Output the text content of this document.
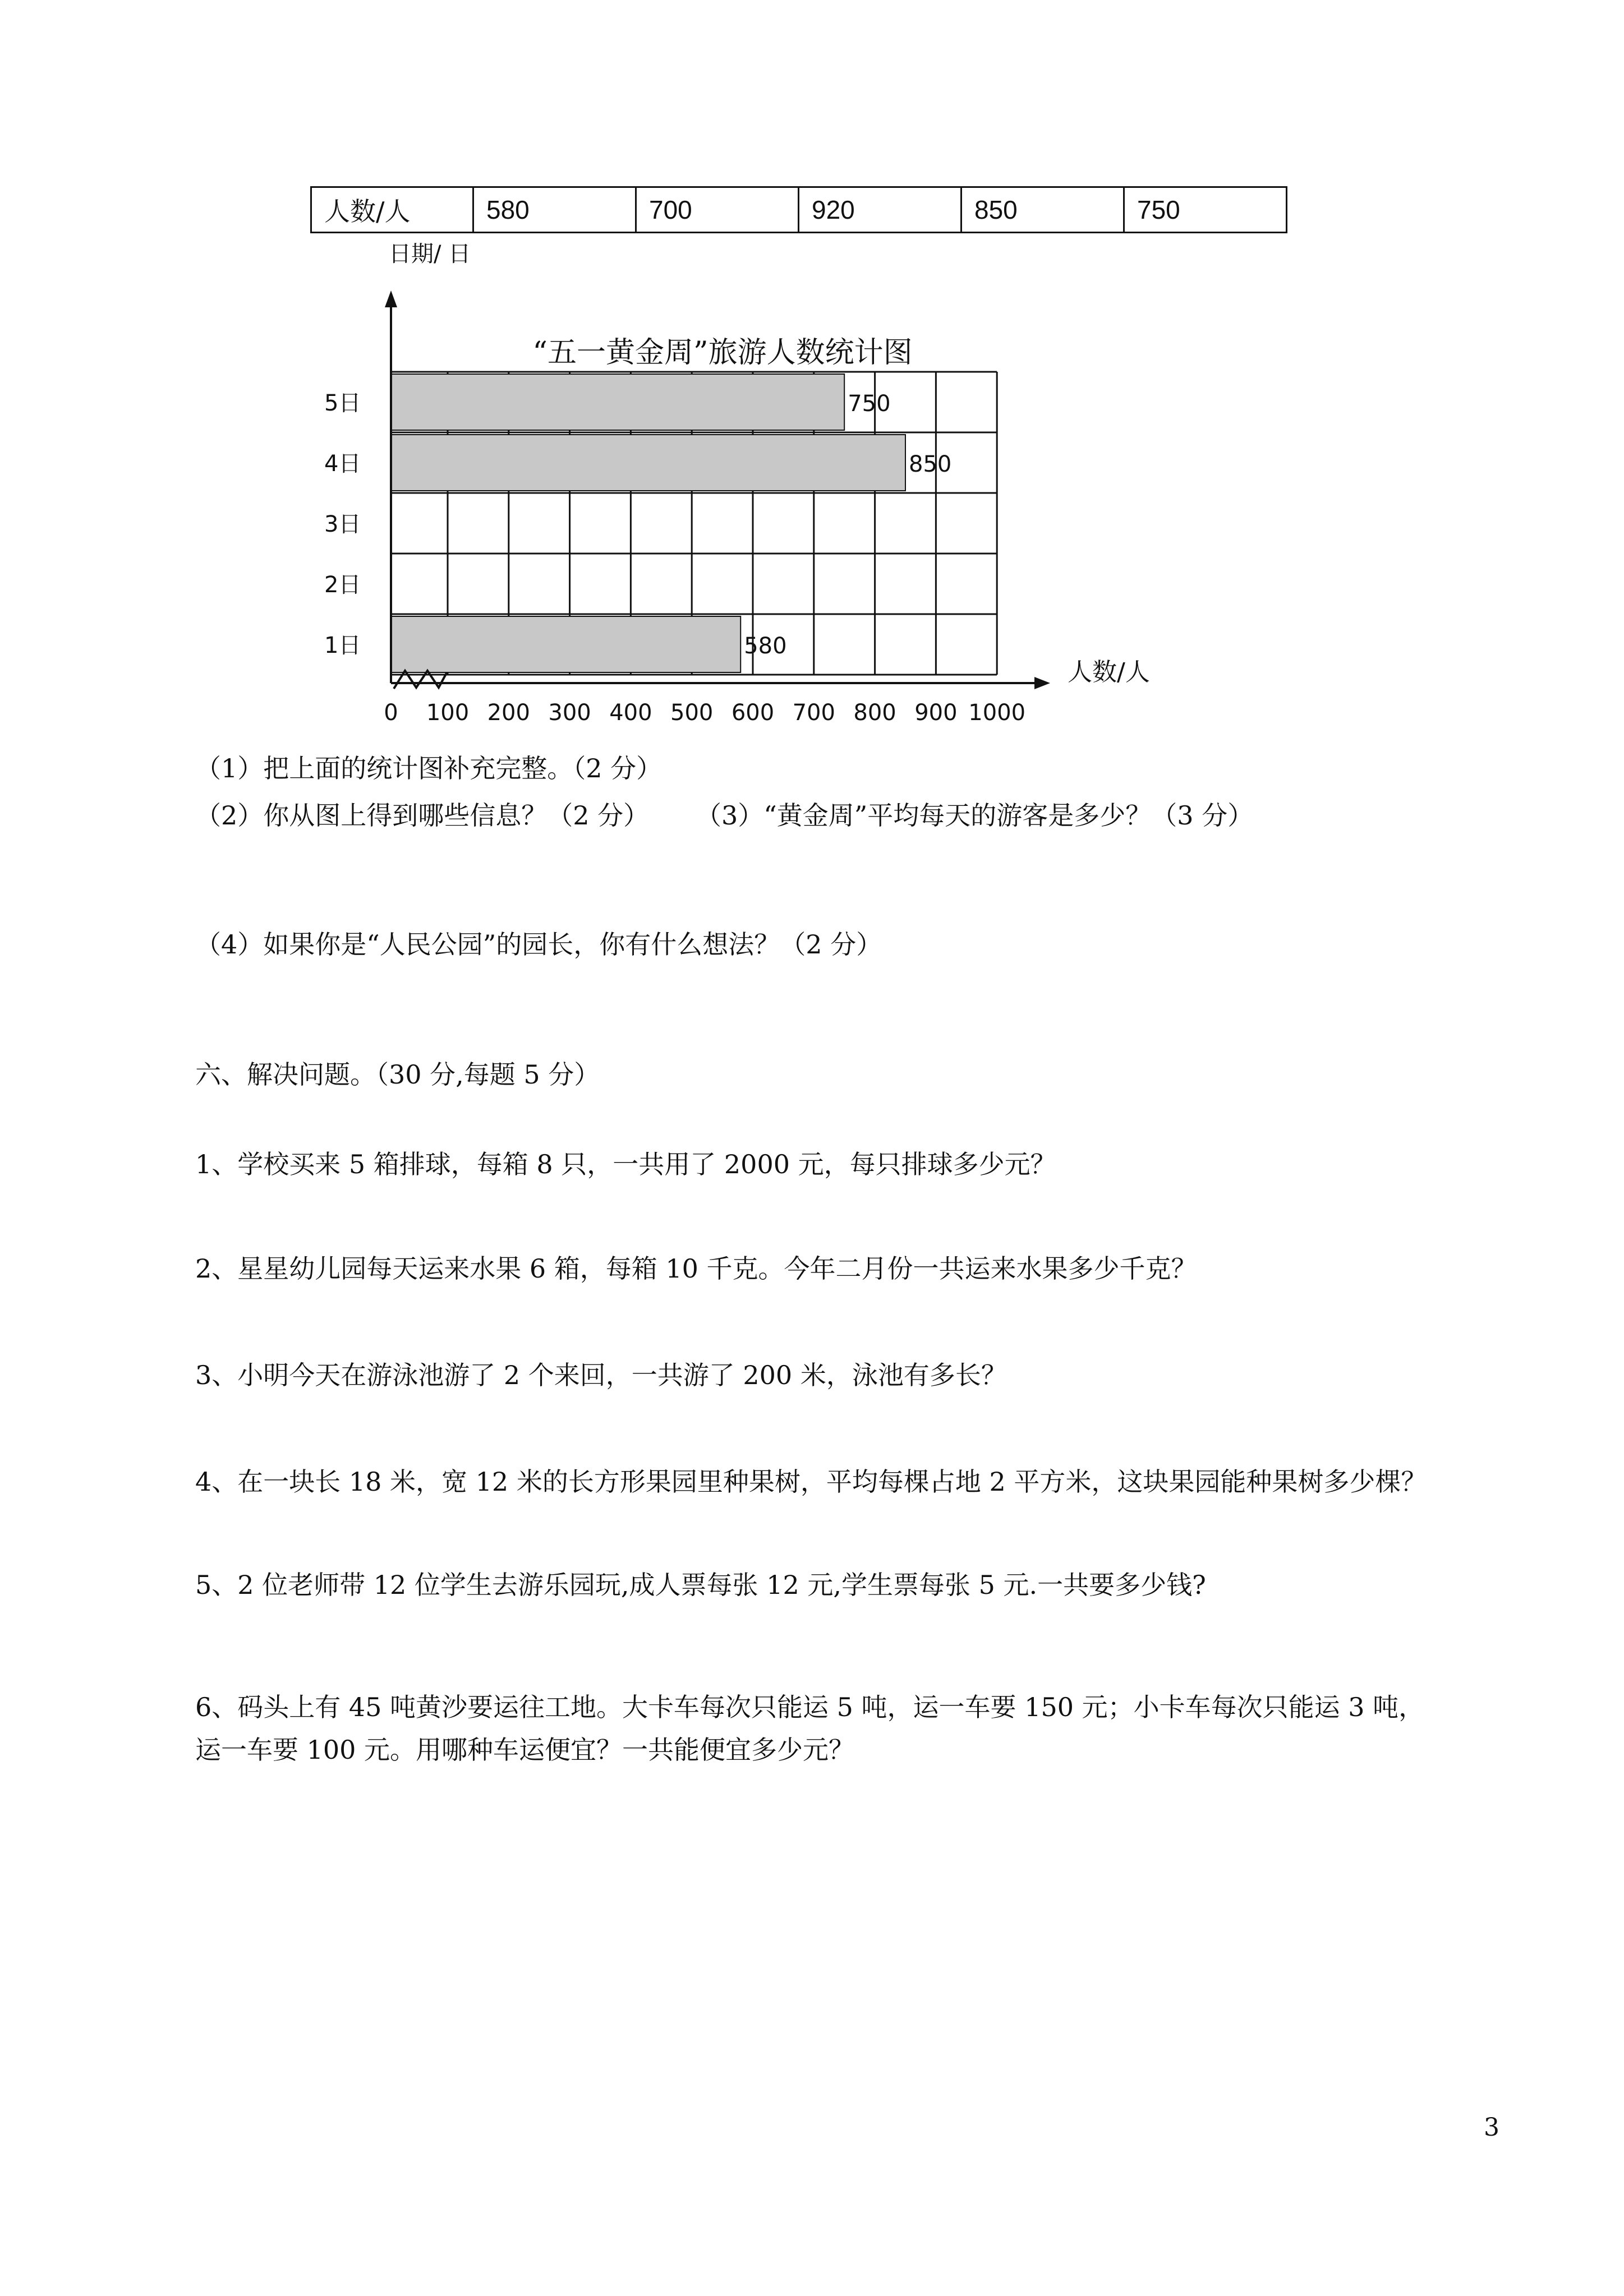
人数/人	580	700	920	850	750
日期/ 日
人数/人
“五一黄金周”旅游人数统计图
1日
2日
3日
4日
5日
0 100 200 300 400 500 600 700 800 900 1000
580
850
750
（1）把上面的统计图补充完整。（2 分）
（2）你从图上得到哪些信息？（2 分） （3）“黄金周”平均每天的游客是多少？（3 分）
（4）如果你是“人民公园”的园长，你有什么想法？（2 分）
六、解决问题。（30 分,每题 5 分）
1、学校买来 5 箱排球，每箱 8 只，一共用了 2000 元，每只排球多少元？
2、星星幼儿园每天运来水果 6 箱，每箱 10 千克。今年二月份一共运来水果多少千克？
3、小明今天在游泳池游了 2 个来回，一共游了 200 米，泳池有多长？
4、在一块长 18 米，宽 12 米的长方形果园里种果树，平均每棵占地 2 平方米，这块果园能种果树多少棵？
5、2 位老师带 12 位学生去游乐园玩,成人票每张 12 元,学生票每张 5 元.一共要多少钱?
6、码头上有 45 吨黄沙要运往工地。大卡车每次只能运 5 吨，运一车要 150 元；小卡车每次只能运 3 吨，
运一车要 100 元。用哪种车运便宜？一共能便宜多少元？
3
